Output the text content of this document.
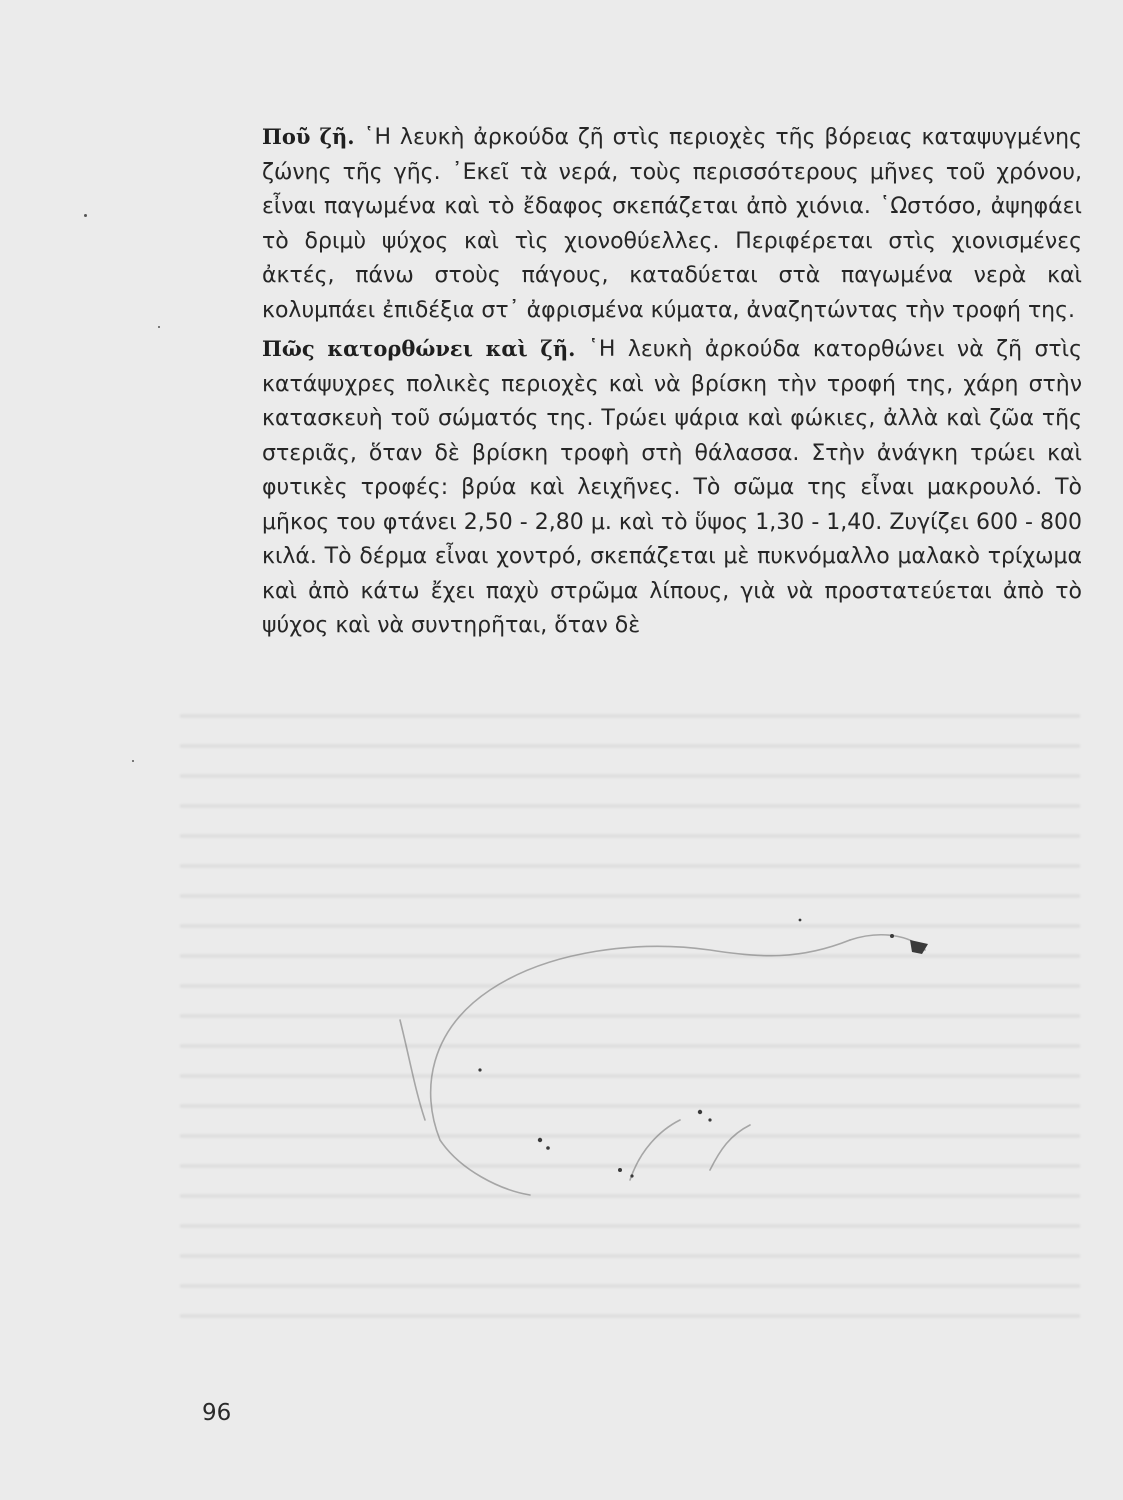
Ποῦ ζῆ. ῾Η λευκὴ ἀρκούδα ζῆ στὶς περιοχὲς τῆς βόρειας καταψυγμένης ζώνης τῆς γῆς. ᾿Εκεῖ τὰ νερά, τοὺς περισσότερους μῆνες τοῦ χρόνου, εἶναι παγωμένα καὶ τὸ ἔδαφος σκεπάζεται ἀπὸ χιόνια. ῾Ωστόσο, ἀψηφάει τὸ δριμὺ ψύχος καὶ τὶς χιονοθύελλες. Περιφέρεται στὶς χιονισμένες ἀκτές, πάνω στοὺς πάγους, καταδύεται στὰ παγωμένα νερὰ καὶ κολυμπάει ἐπιδέξια στ᾿ ἀφρισμένα κύματα, ἀναζητώντας τὴν τροφή της.

Πῶς κατορθώνει καὶ ζῆ. ῾Η λευκὴ ἀρκούδα κατορθώνει νὰ ζῆ στὶς κατάψυχρες πολικὲς περιοχὲς καὶ νὰ βρίσκη τὴν τροφή της, χάρη στὴν κατασκευὴ τοῦ σώματός της. Τρώει ψάρια καὶ φώκιες, ἀλλὰ καὶ ζῶα τῆς στεριᾶς, ὅταν δὲ βρίσκη τροφὴ στὴ θάλασσα. Στὴν ἀνάγκη τρώει καὶ φυτικὲς τροφές: βρύα καὶ λειχῆνες. Τὸ σῶμα της εἶναι μακρουλό. Τὸ μῆκος του φτάνει 2,50 - 2,80 μ. καὶ τὸ ὕψος 1,30 - 1,40. Ζυγίζει 600 - 800 κιλά. Τὸ δέρμα εἶναι χοντρό, σκεπάζεται μὲ πυκνόμαλλο μαλακὸ τρίχωμα καὶ ἀπὸ κάτω ἔχει παχὺ στρῶμα λίπους, γιὰ νὰ προστατεύεται ἀπὸ τὸ ψύχος καὶ νὰ συντηρῆται, ὅταν δὲ

96
